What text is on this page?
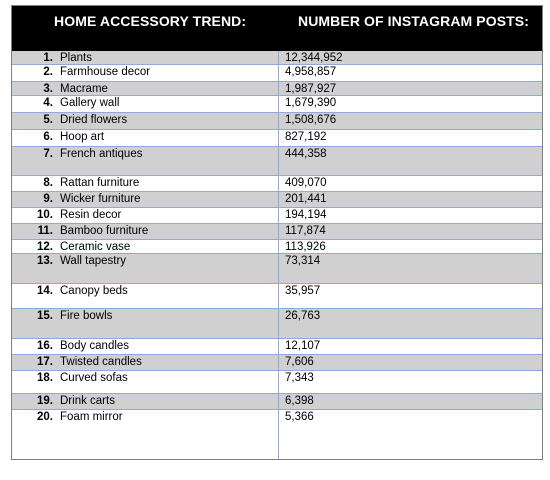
HOME ACCESSORY TREND:	NUMBER OF INSTAGRAM POSTS:
1. Plants	12,344,952
2. Farmhouse decor	4,958,857
3. Macrame	1,987,927
4. Gallery wall	1,679,390
5. Dried flowers	1,508,676
6. Hoop art	827,192
7. French antiques	444,358
8. Rattan furniture	409,070
9. Wicker furniture	201,441
10. Resin decor	194,194
11. Bamboo furniture	117,874
12. Ceramic vase	113,926
13. Wall tapestry	73,314
14. Canopy beds	35,957
15. Fire bowls	26,763
16. Body candles	12,107
17. Twisted candles	7,606
18. Curved sofas	7,343
19. Drink carts	6,398
20. Foam mirror	5,366
